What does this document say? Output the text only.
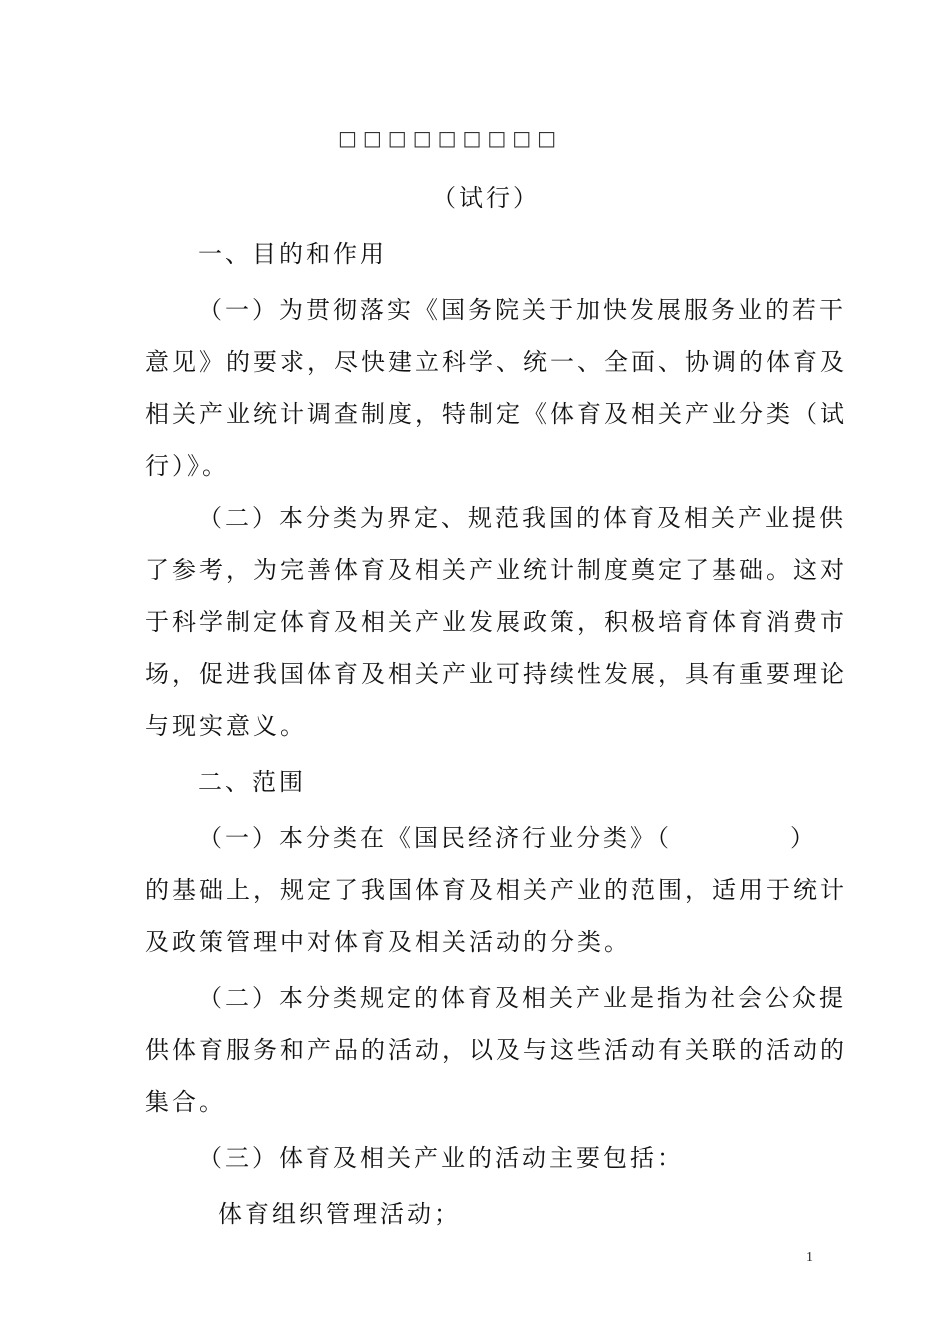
□□□□□□□□□
（试行）
一、目的和作用
（一）为贯彻落实《国务院关于加快发展服务业的若干
意见》的要求，尽快建立科学、统一、全面、协调的体育及
相关产业统计调查制度，特制定《体育及相关产业分类（试
行）》。
（二）本分类为界定、规范我国的体育及相关产业提供
了参考，为完善体育及相关产业统计制度奠定了基础。这对
于科学制定体育及相关产业发展政策，积极培育体育消费市
场，促进我国体育及相关产业可持续性发展，具有重要理论
与现实意义。
二、范围
（一）本分类在《国民经济行业分类》（	）
的基础上，规定了我国体育及相关产业的范围，适用于统计
及政策管理中对体育及相关活动的分类。
（二）本分类规定的体育及相关产业是指为社会公众提
供体育服务和产品的活动，以及与这些活动有关联的活动的
集合。
（三）体育及相关产业的活动主要包括：
体育组织管理活动；
1
